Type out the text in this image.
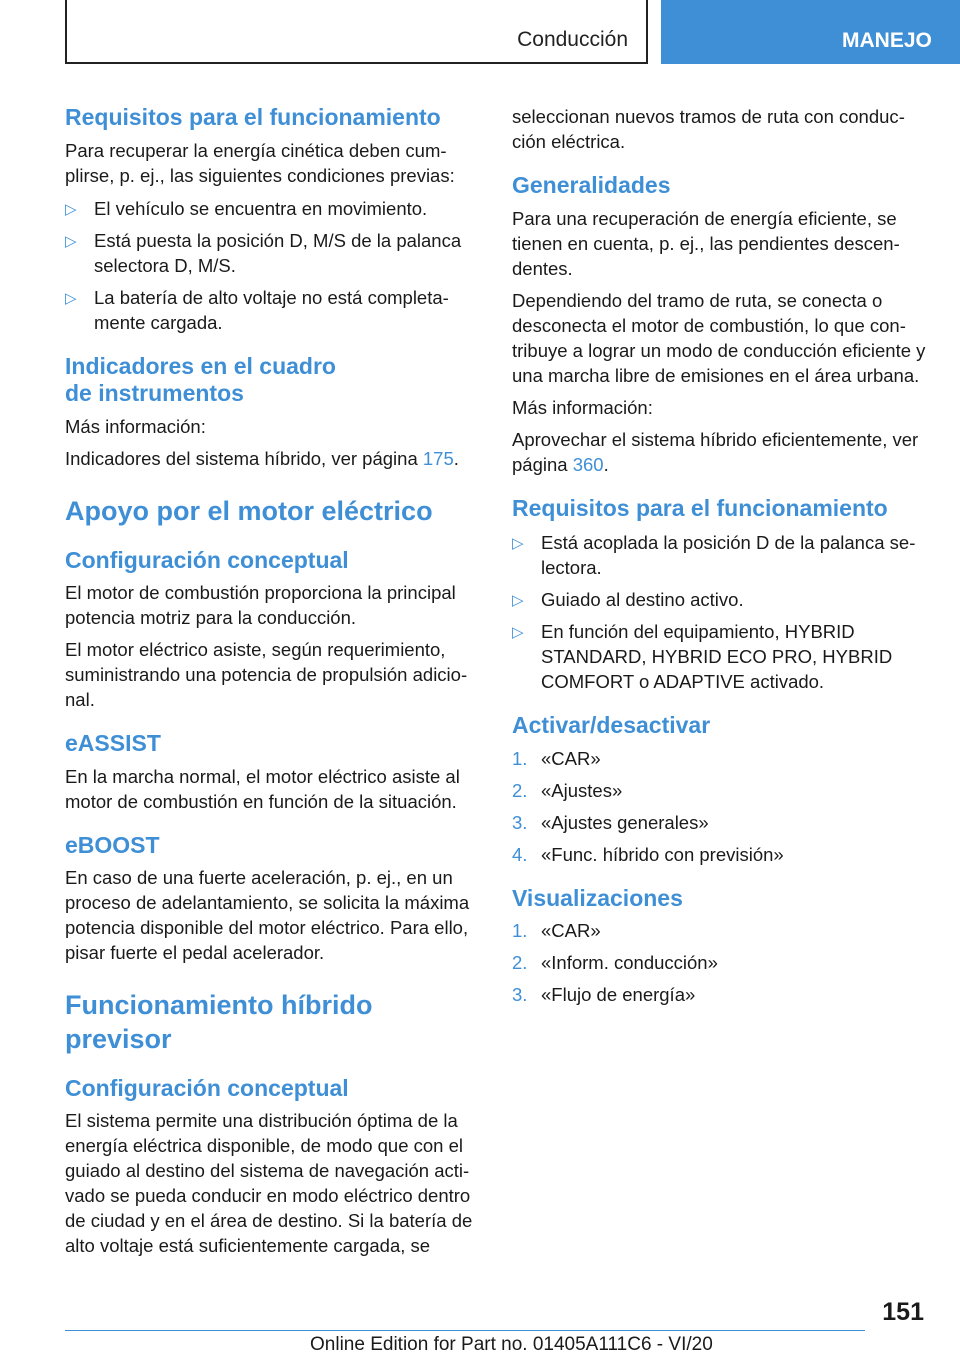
Conducción	MANEJO
Requisitos para el funcionamiento

Para recuperar la energía cinética deben cumplirse, p. ej., las siguientes condiciones previas:

▷ El vehículo se encuentra en movimiento.
▷ Está puesta la posición D, M/S de la palanca selectora D, M/S.
▷ La batería de alto voltaje no está completamente cargada.
Indicadores en el cuadro
de instrumentos

Más información:

Indicadores del sistema híbrido, ver página 175.

Apoyo por el motor eléctrico
Configuración conceptual

El motor de combustión proporciona la principal potencia motriz para la conducción.

El motor eléctrico asiste, según requerimiento, suministrando una potencia de propulsión adicional.

eASSIST

En la marcha normal, el motor eléctrico asiste al motor de combustión en función de la situación.

eBOOST

En caso de una fuerte aceleración, p. ej., en un proceso de adelantamiento, se solicita la máxima potencia disponible del motor eléctrico. Para ello, pisar fuerte el pedal acelerador.

Funcionamiento híbrido previsor
Configuración conceptual

El sistema permite una distribución óptima de la energía eléctrica disponible, de modo que con el guiado al destino del sistema de navegación activado se pueda conducir en modo eléctrico dentro de ciudad y en el área de destino. Si la batería de alto voltaje está suficientemente cargada, se

seleccionan nuevos tramos de ruta con conducción eléctrica.

Generalidades

Para una recuperación de energía eficiente, se tienen en cuenta, p. ej., las pendientes descendentes.

Dependiendo del tramo de ruta, se conecta o desconecta el motor de combustión, lo que contribuye a lograr un modo de conducción eficiente y una marcha libre de emisiones en el área urbana.

Más información:

Aprovechar el sistema híbrido eficientemente, ver página 360.

Requisitos para el funcionamiento
▷ Está acoplada la posición D de la palanca selectora.
▷ Guiado al destino activo.
▷ En función del equipamiento, HYBRID STANDARD, HYBRID ECO PRO, HYBRID COMFORT o ADAPTIVE activado.
Activar/desactivar
1. «CAR»
2. «Ajustes»
3. «Ajustes generales»
4. «Func. híbrido con previsión»
Visualizaciones
1. «CAR»
2. «Inform. conducción»
3. «Flujo de energía»
151
Online Edition for Part no. 01405A111C6 - VI/20
